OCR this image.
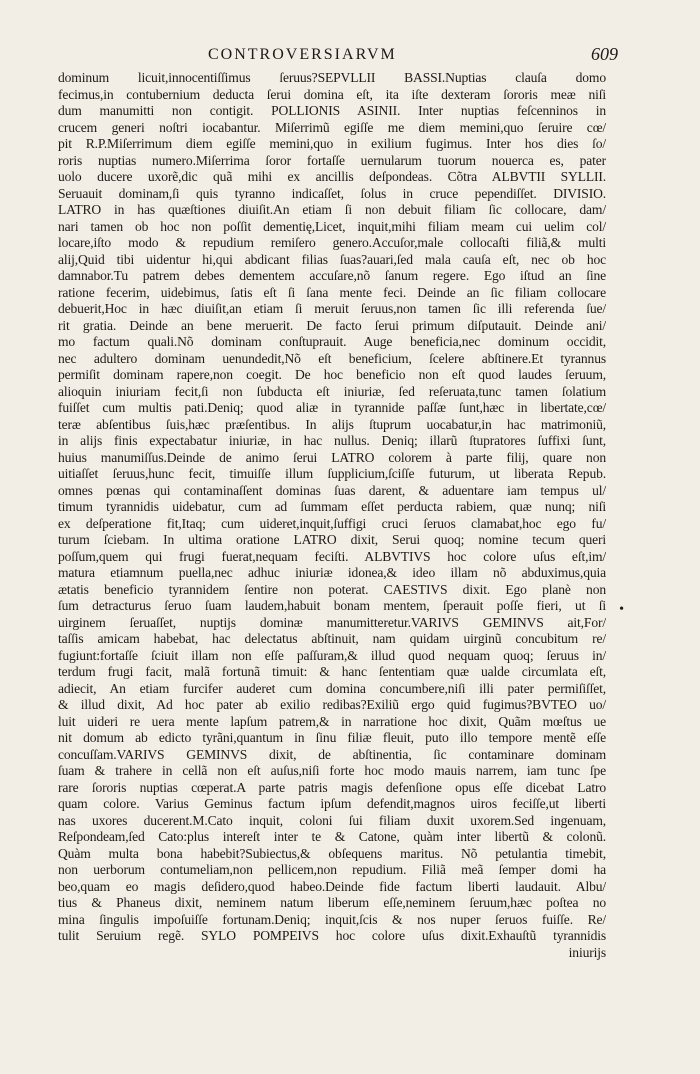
CONTROVERSIARVM	609
dominum licuit,innocentiſſimus ſeruus?SEPVLLII BASSI.Nuptias clauſa domo
fecimus,in contubernium deducta ſerui domina eſt, ita iſte dexteram ſororis meæ niſi
dum manumitti non contigit. POLLIONIS ASINII. Inter nuptias feſcenninos in
crucem generi noſtri iocabantur. Miſerrimũ egiſſe me diem memini,quo ſeruire cœ/
pit R.P.Miſerrimum diem egiſſe memini,quo in exilium fugimus. Inter hos dies ſo/
roris nuptias numero.Miſerrima ſoror fortaſſe uernularum tuorum nouerca es, pater
uolo ducere uxorẽ,dic quã mihi ex ancillis deſpondeas. Cõtra ALBVTII SYLLII.
Seruauit dominam,ſi quis tyranno indicaſſet, ſolus in cruce pependiſſet. DIVISIO.
LATRO in has quæſtiones diuiſit.An etiam ſi non debuit filiam ſic collocare, dam/
nari tamen ob hoc non poſſit dementię,Licet, inquit,mihi filiam meam cui uelim col/
locare,iſto modo & repudium remiſero genero.Accuſor,male collocaſti filiã,& multi
alij,Quid tibi uidentur hi,qui abdicant filias ſuas?auari,ſed mala cauſa eſt, nec ob hoc
damnabor.Tu patrem debes dementem accuſare,nõ ſanum regere. Ego iſtud an ſine
ratione fecerim, uidebimus, ſatis eſt ſi ſana mente feci. Deinde an ſic filiam collocare
debuerit,Hoc in hæc diuiſit,an etiam ſi meruit ſeruus,non tamen ſic illi referenda ſue/
rit gratia. Deinde an bene meruerit. De facto ſerui primum diſputauit. Deinde ani/
mo factum quali.Nõ dominam conſtuprauit. Auge beneficia,nec dominum occidit,
nec adultero dominam uenundedit,Nõ eſt beneficium, ſcelere abſtinere.Et tyrannus
permiſit dominam rapere,non coegit. De hoc beneficio non eſt quod laudes ſeruum,
alioquin iniuriam fecit,ſi non ſubducta eſt iniuriæ, ſed reſeruata,tunc tamen ſolatium
fuiſſet cum multis pati.Deniq; quod aliæ in tyrannide paſſæ ſunt,hæc in libertate,cœ/
teræ abſentibus ſuis,hæc præſentibus. In alijs ſtuprum uocabatur,in hac matrimoniũ,
in alijs finis expectabatur iniuriæ, in hac nullus. Deniq; illarũ ſtupratores ſuffixi ſunt,
huius manumiſſus.Deinde de animo ſerui LATRO colorem à parte filij, quare non
uitiaſſet ſeruus,hunc fecit, timuiſſe illum ſupplicium,ſciſſe futurum, ut liberata Repub.
omnes pœnas qui contaminaſſent dominas ſuas darent, & aduentare iam tempus ul/
timum tyrannidis uidebatur, cum ad ſummam eſſet perducta rabiem, quæ nunq; niſi
ex deſperatione fit,Itaq; cum uideret,inquit,ſuffigi cruci ſeruos clamabat,hoc ego fu/
turum ſciebam. In ultima oratione LATRO dixit, Serui quoq; nomine tecum queri
poſſum,quem qui frugi fuerat,nequam feciſti. ALBVTIVS hoc colore uſus eſt,im/
matura etiamnum puella,nec adhuc iniuriæ idonea,& ideo illam nõ abduximus,quia
ætatis beneficio tyrannidem ſentire non poterat. CAESTIVS dixit. Ego planè non
ſum detracturus ſeruo ſuam laudem,habuit bonam mentem, ſperauit poſſe fieri, ut ſi
uirginem ſeruaſſet, nuptijs dominæ manumitteretur.VARIVS GEMINVS ait,For/
taſſis amicam habebat, hac delectatus abſtinuit, nam quidam uirginũ concubitum re/
fugiunt:fortaſſe ſciuit illam non eſſe paſſuram,& illud quod nequam quoq; ſeruus in/
terdum frugi facit, malã fortunã timuit: & hanc ſententiam quæ ualde circumlata eſt,
adiecit, An etiam furcifer auderet cum domina concumbere,niſi illi pater permiſiſſet,
& illud dixit, Ad hoc pater ab exilio redibas?Exiliũ ergo quid fugimus?BVTEO uo/
luit uideri re uera mente lapſum patrem,& in narratione hoc dixit, Quãm mœſtus ue
nit domum ab edicto tyrãni,quantum in ſinu filiæ fleuit, puto illo tempore mentẽ eſſe
concuſſam.VARIVS GEMINVS dixit, de abſtinentia, ſic contaminare dominam
ſuam & trahere in cellã non eſt auſus,niſi forte hoc modo mauis narrem, iam tunc ſpe
rare ſororis nuptias cœperat.A parte patris magis defenſione opus eſſe dicebat Latro
quam colore. Varius Geminus factum ipſum defendit,magnos uiros feciſſe,ut liberti
nas uxores ducerent.M.Cato inquit, coloni ſui filiam duxit uxorem.Sed ingenuam,
Reſpondeam,ſed Cato:plus intereſt inter te & Catone, quàm inter libertũ & colonũ.
Quàm multa bona habebit?Subiectus,& obſequens maritus. Nõ petulantia timebit,
non uerborum contumeliam,non pellicem,non repudium. Filiã meã ſemper domi ha
beo,quam eo magis deſidero,quod habeo.Deinde fide factum liberti laudauit. Albu/
tius & Phaneus dixit, neminem natum liberum eſſe,neminem ſeruum,hæc poſtea no
mina ſingulis impoſuiſſe fortunam.Deniq; inquit,ſcis & nos nuper ſeruos fuiſſe. Re/
tulit Seruium regẽ. SYLO POMPEIVS hoc colore uſus dixit.Exhauſtũ tyrannidis
iniurijs
•
